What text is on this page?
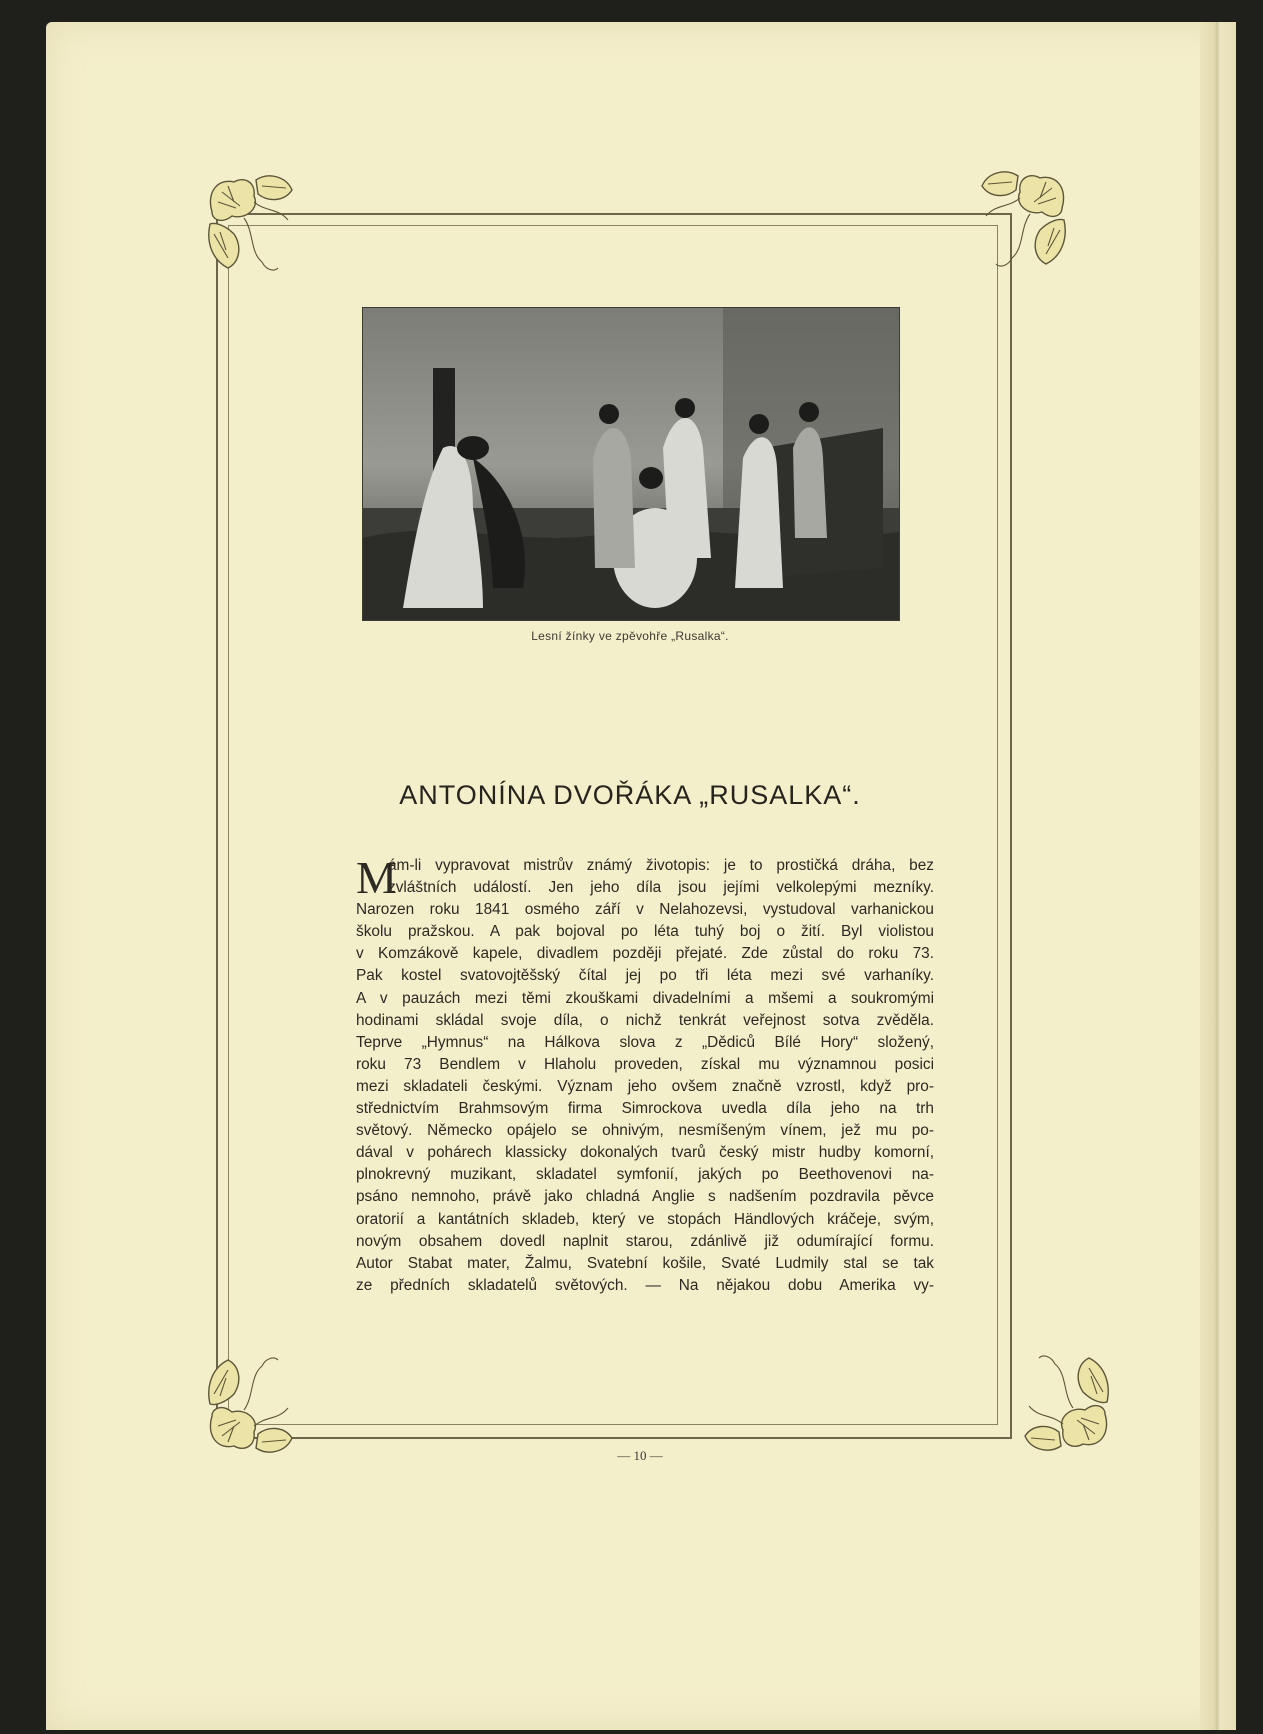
Lesní žínky ve zpěvohře „Rusalka“.
ANTONÍNA DVOŘÁKA „RUSALKA“.
M
ám-li vypravovat mistrův známý životopis: je to prostičká dráha, bez
zvláštních událostí. Jen jeho díla jsou jejími velkolepými mezníky.
Narozen roku 1841 osmého září v Nelahozevsi, vystudoval varhanickou
školu pražskou. A pak bojoval po léta tuhý boj o žití. Byl violistou
v Komzákově kapele, divadlem později přejaté. Zde zůstal do roku 73.
Pak kostel svatovojtěšský čítal jej po tři léta mezi své varhaníky.
A v pauzách mezi těmi zkouškami divadelními a mšemi a soukromými
hodinami skládal svoje díla, o nichž tenkrát veřejnost sotva zvěděla.
Teprve „Hymnus“ na Hálkova slova z „Dědiců Bílé Hory“ složený,
roku 73 Bendlem v Hlaholu proveden, získal mu významnou posici
mezi skladateli českými. Význam jeho ovšem značně vzrostl, když pro-
střednictvím Brahmsovým firma Simrockova uvedla díla jeho na trh
světový. Německo opájelo se ohnivým, nesmíšeným vínem, jež mu po-
dával v pohárech klassicky dokonalých tvarů český mistr hudby komorní,
plnokrevný muzikant, skladatel symfonií, jakých po Beethovenovi na-
psáno nemnoho, právě jako chladná Anglie s nadšením pozdravila pěvce
oratorií a kantátních skladeb, který ve stopách Händlových kráčeje, svým,
novým obsahem dovedl naplnit starou, zdánlivě již odumírající formu.
Autor Stabat mater, Žalmu, Svatební košile, Svaté Ludmily stal se tak
ze předních skladatelů světových. — Na nějakou dobu Amerika vy-
— 10 —
